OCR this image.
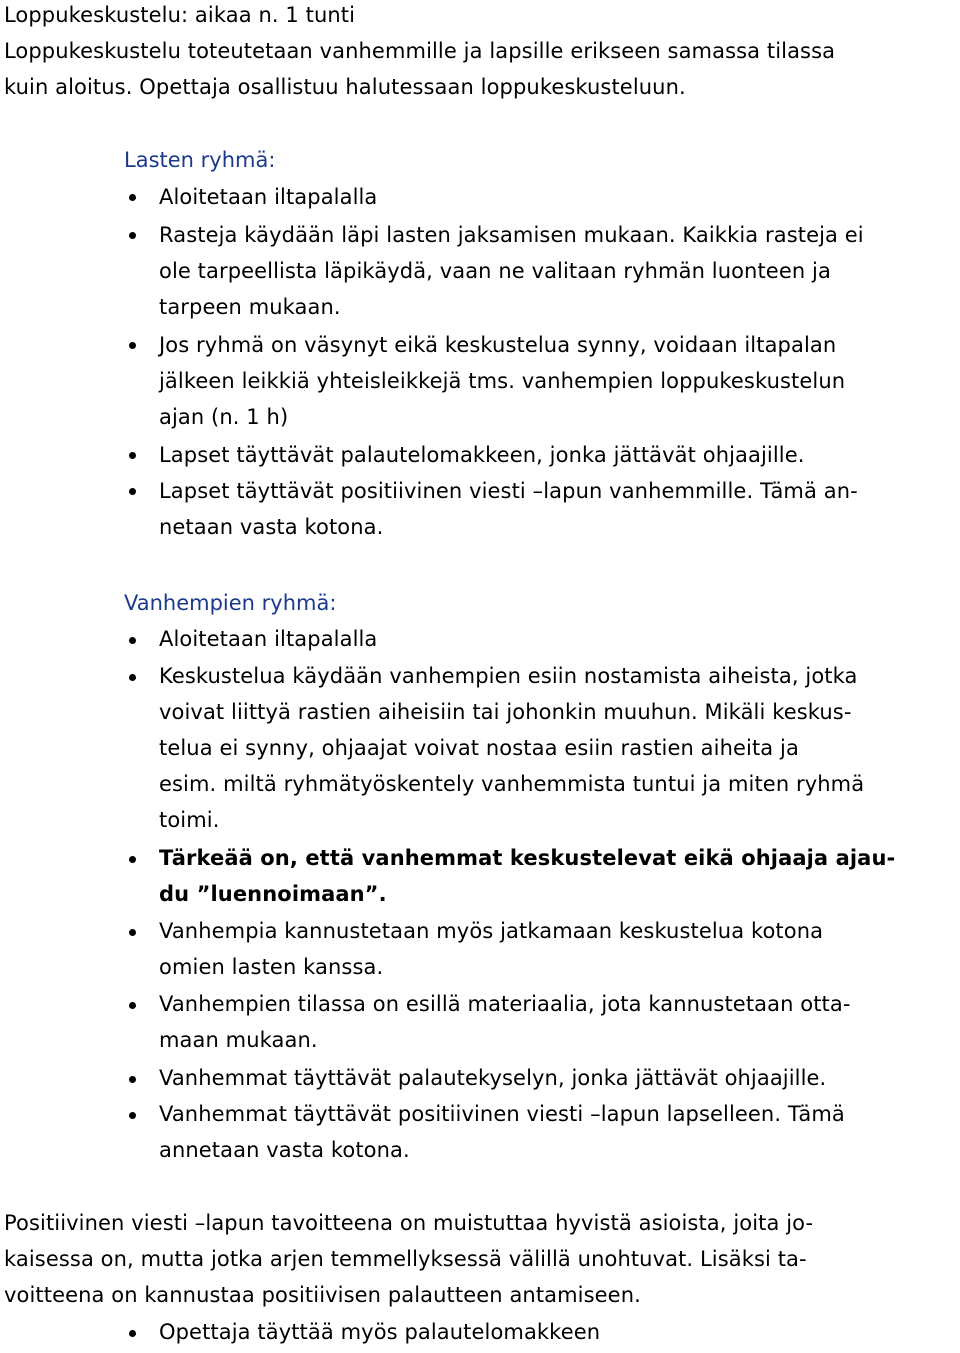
Loppukeskustelu: aikaa n. 1 tunti
Loppukeskustelu toteutetaan vanhemmille ja lapsille erikseen samassa tilassa
kuin aloitus. Opettaja osallistuu halutessaan loppukeskusteluun.
Lasten ryhmä:
Aloitetaan iltapalalla
Rasteja käydään läpi lasten jaksamisen mukaan. Kaikkia rasteja ei
ole tarpeellista läpikäydä, vaan ne valitaan ryhmän luonteen ja
tarpeen mukaan.
Jos ryhmä on väsynyt eikä keskustelua synny, voidaan iltapalan
jälkeen leikkiä yhteisleikkejä tms. vanhempien loppukeskustelun
ajan (n. 1 h)
Lapset täyttävät palautelomakkeen, jonka jättävät ohjaajille.
Lapset täyttävät positiivinen viesti –lapun vanhemmille. Tämä an-
netaan vasta kotona.
Vanhempien ryhmä:
Aloitetaan iltapalalla
Keskustelua käydään vanhempien esiin nostamista aiheista, jotka
voivat liittyä rastien aiheisiin tai johonkin muuhun. Mikäli keskus-
telua ei synny, ohjaajat voivat nostaa esiin rastien aiheita ja
esim. miltä ryhmätyöskentely vanhemmista tuntui ja miten ryhmä
toimi.
Tärkeää on, että vanhemmat keskustelevat eikä ohjaaja ajau-
du ”luennoimaan”.
Vanhempia kannustetaan myös jatkamaan keskustelua kotona
omien lasten kanssa.
Vanhempien tilassa on esillä materiaalia, jota kannustetaan otta-
maan mukaan.
Vanhemmat täyttävät palautekyselyn, jonka jättävät ohjaajille.
Vanhemmat täyttävät positiivinen viesti –lapun lapselleen. Tämä
annetaan vasta kotona.
Positiivinen viesti –lapun tavoitteena on muistuttaa hyvistä asioista, joita jo-
kaisessa on, mutta jotka arjen temmellyksessä välillä unohtuvat. Lisäksi ta-
voitteena on kannustaa positiivisen palautteen antamiseen.
Opettaja täyttää myös palautelomakkeen
